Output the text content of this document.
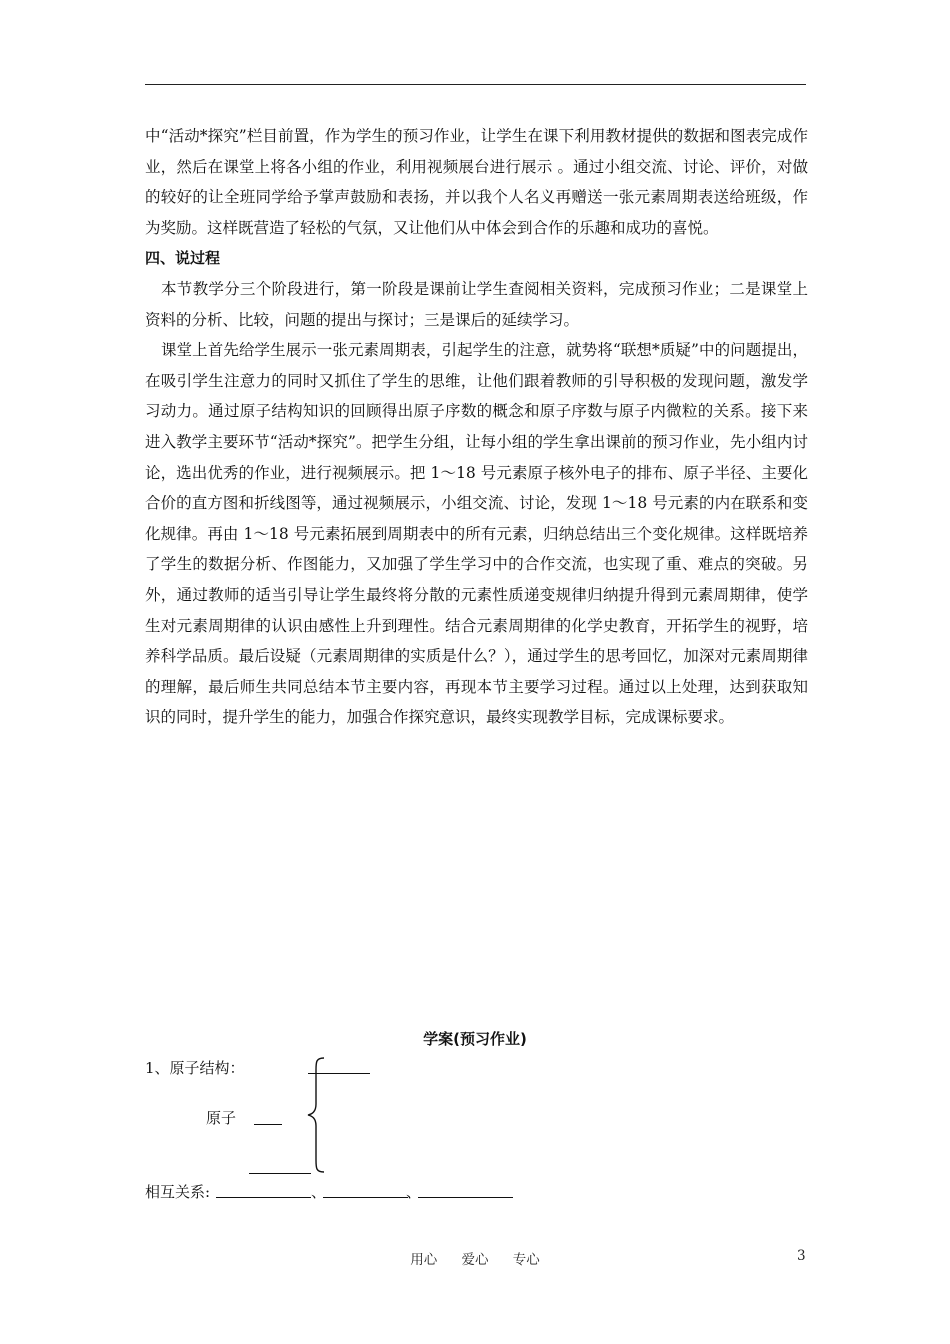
中“活动*探究”栏目前置，作为学生的预习作业，让学生在课下利用教材提供的数据和图表完成作业，然后在课堂上将各小组的作业，利用视频展台进行展示 。通过小组交流、讨论、评价，对做的较好的让全班同学给予掌声鼓励和表扬，并以我个人名义再赠送一张元素周期表送给班级，作为奖励。这样既营造了轻松的气氛，又让他们从中体会到合作的乐趣和成功的喜悦。

四、说过程

本节教学分三个阶段进行，第一阶段是课前让学生查阅相关资料，完成预习作业；二是课堂上资料的分析、比较，问题的提出与探讨；三是课后的延续学习。

课堂上首先给学生展示一张元素周期表，引起学生的注意，就势将“联想*质疑”中的问题提出，在吸引学生注意力的同时又抓住了学生的思维，让他们跟着教师的引导积极的发现问题，激发学习动力。通过原子结构知识的回顾得出原子序数的概念和原子序数与原子内微粒的关系。接下来进入教学主要环节“活动*探究”。把学生分组，让每小组的学生拿出课前的预习作业，先小组内讨论，选出优秀的作业，进行视频展示。把 1～18 号元素原子核外电子的排布、原子半径、主要化合价的直方图和折线图等，通过视频展示，小组交流、讨论，发现 1～18 号元素的内在联系和变化规律。再由 1～18 号元素拓展到周期表中的所有元素，归纳总结出三个变化规律。这样既培养了学生的数据分析、作图能力，又加强了学生学习中的合作交流，也实现了重、难点的突破。另外，通过教师的适当引导让学生最终将分散的元素性质递变规律归纳提升得到元素周期律，使学生对元素周期律的认识由感性上升到理性。结合元素周期律的化学史教育，开拓学生的视野，培养科学品质。最后设疑（元素周期律的实质是什么？），通过学生的思考回忆，加深对元素周期律的理解，最后师生共同总结本节主要内容，再现本节主要学习过程。通过以上处理，达到获取知识的同时，提升学生的能力，加强合作探究意识，最终实现教学目标，完成课标要求。

学案(预习作业)
1、原子结构：
原子
相互关系:	、	、
用心 爱心 专心	3
